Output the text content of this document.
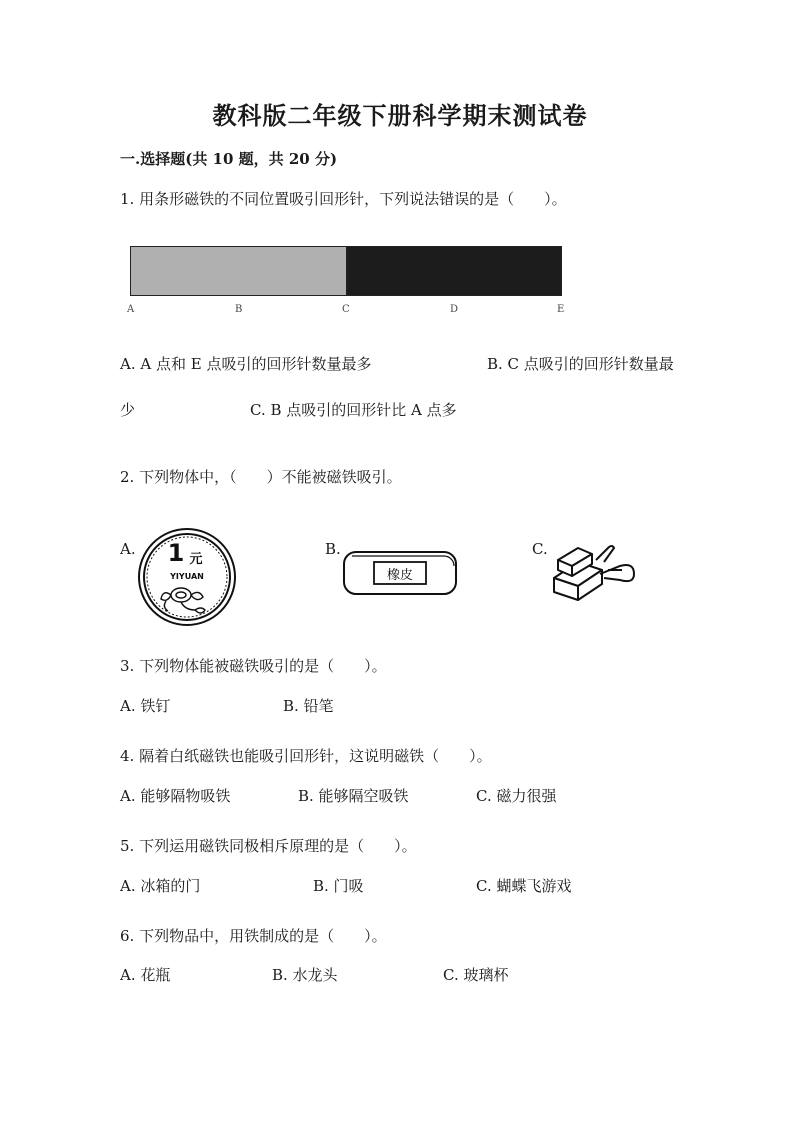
教科版二年级下册科学期末测试卷
一.选择题(共 10 题，共 20 分)
1. 用条形磁铁的不同位置吸引回形针，下列说法错误的是（　　）。
A	B	C	D	E
A. A 点和 E 点吸引的回形针数量最多	B. C 点吸引的回形针数量最
少	C. B 点吸引的回形针比 A 点多
2. 下列物体中，（　　）不能被磁铁吸引。
A.	B.	C.
1 元
YIYUAN	橡皮
3. 下列物体能被磁铁吸引的是（　　）。
A. 铁钉	B. 铅笔
4. 隔着白纸磁铁也能吸引回形针，这说明磁铁（　　）。
A. 能够隔物吸铁	B. 能够隔空吸铁	C. 磁力很强
5. 下列运用磁铁同极相斥原理的是（　　）。
A. 冰箱的门	B. 门吸	C. 蝴蝶飞游戏
6. 下列物品中，用铁制成的是（　　）。
A. 花瓶	B. 水龙头	C. 玻璃杯
